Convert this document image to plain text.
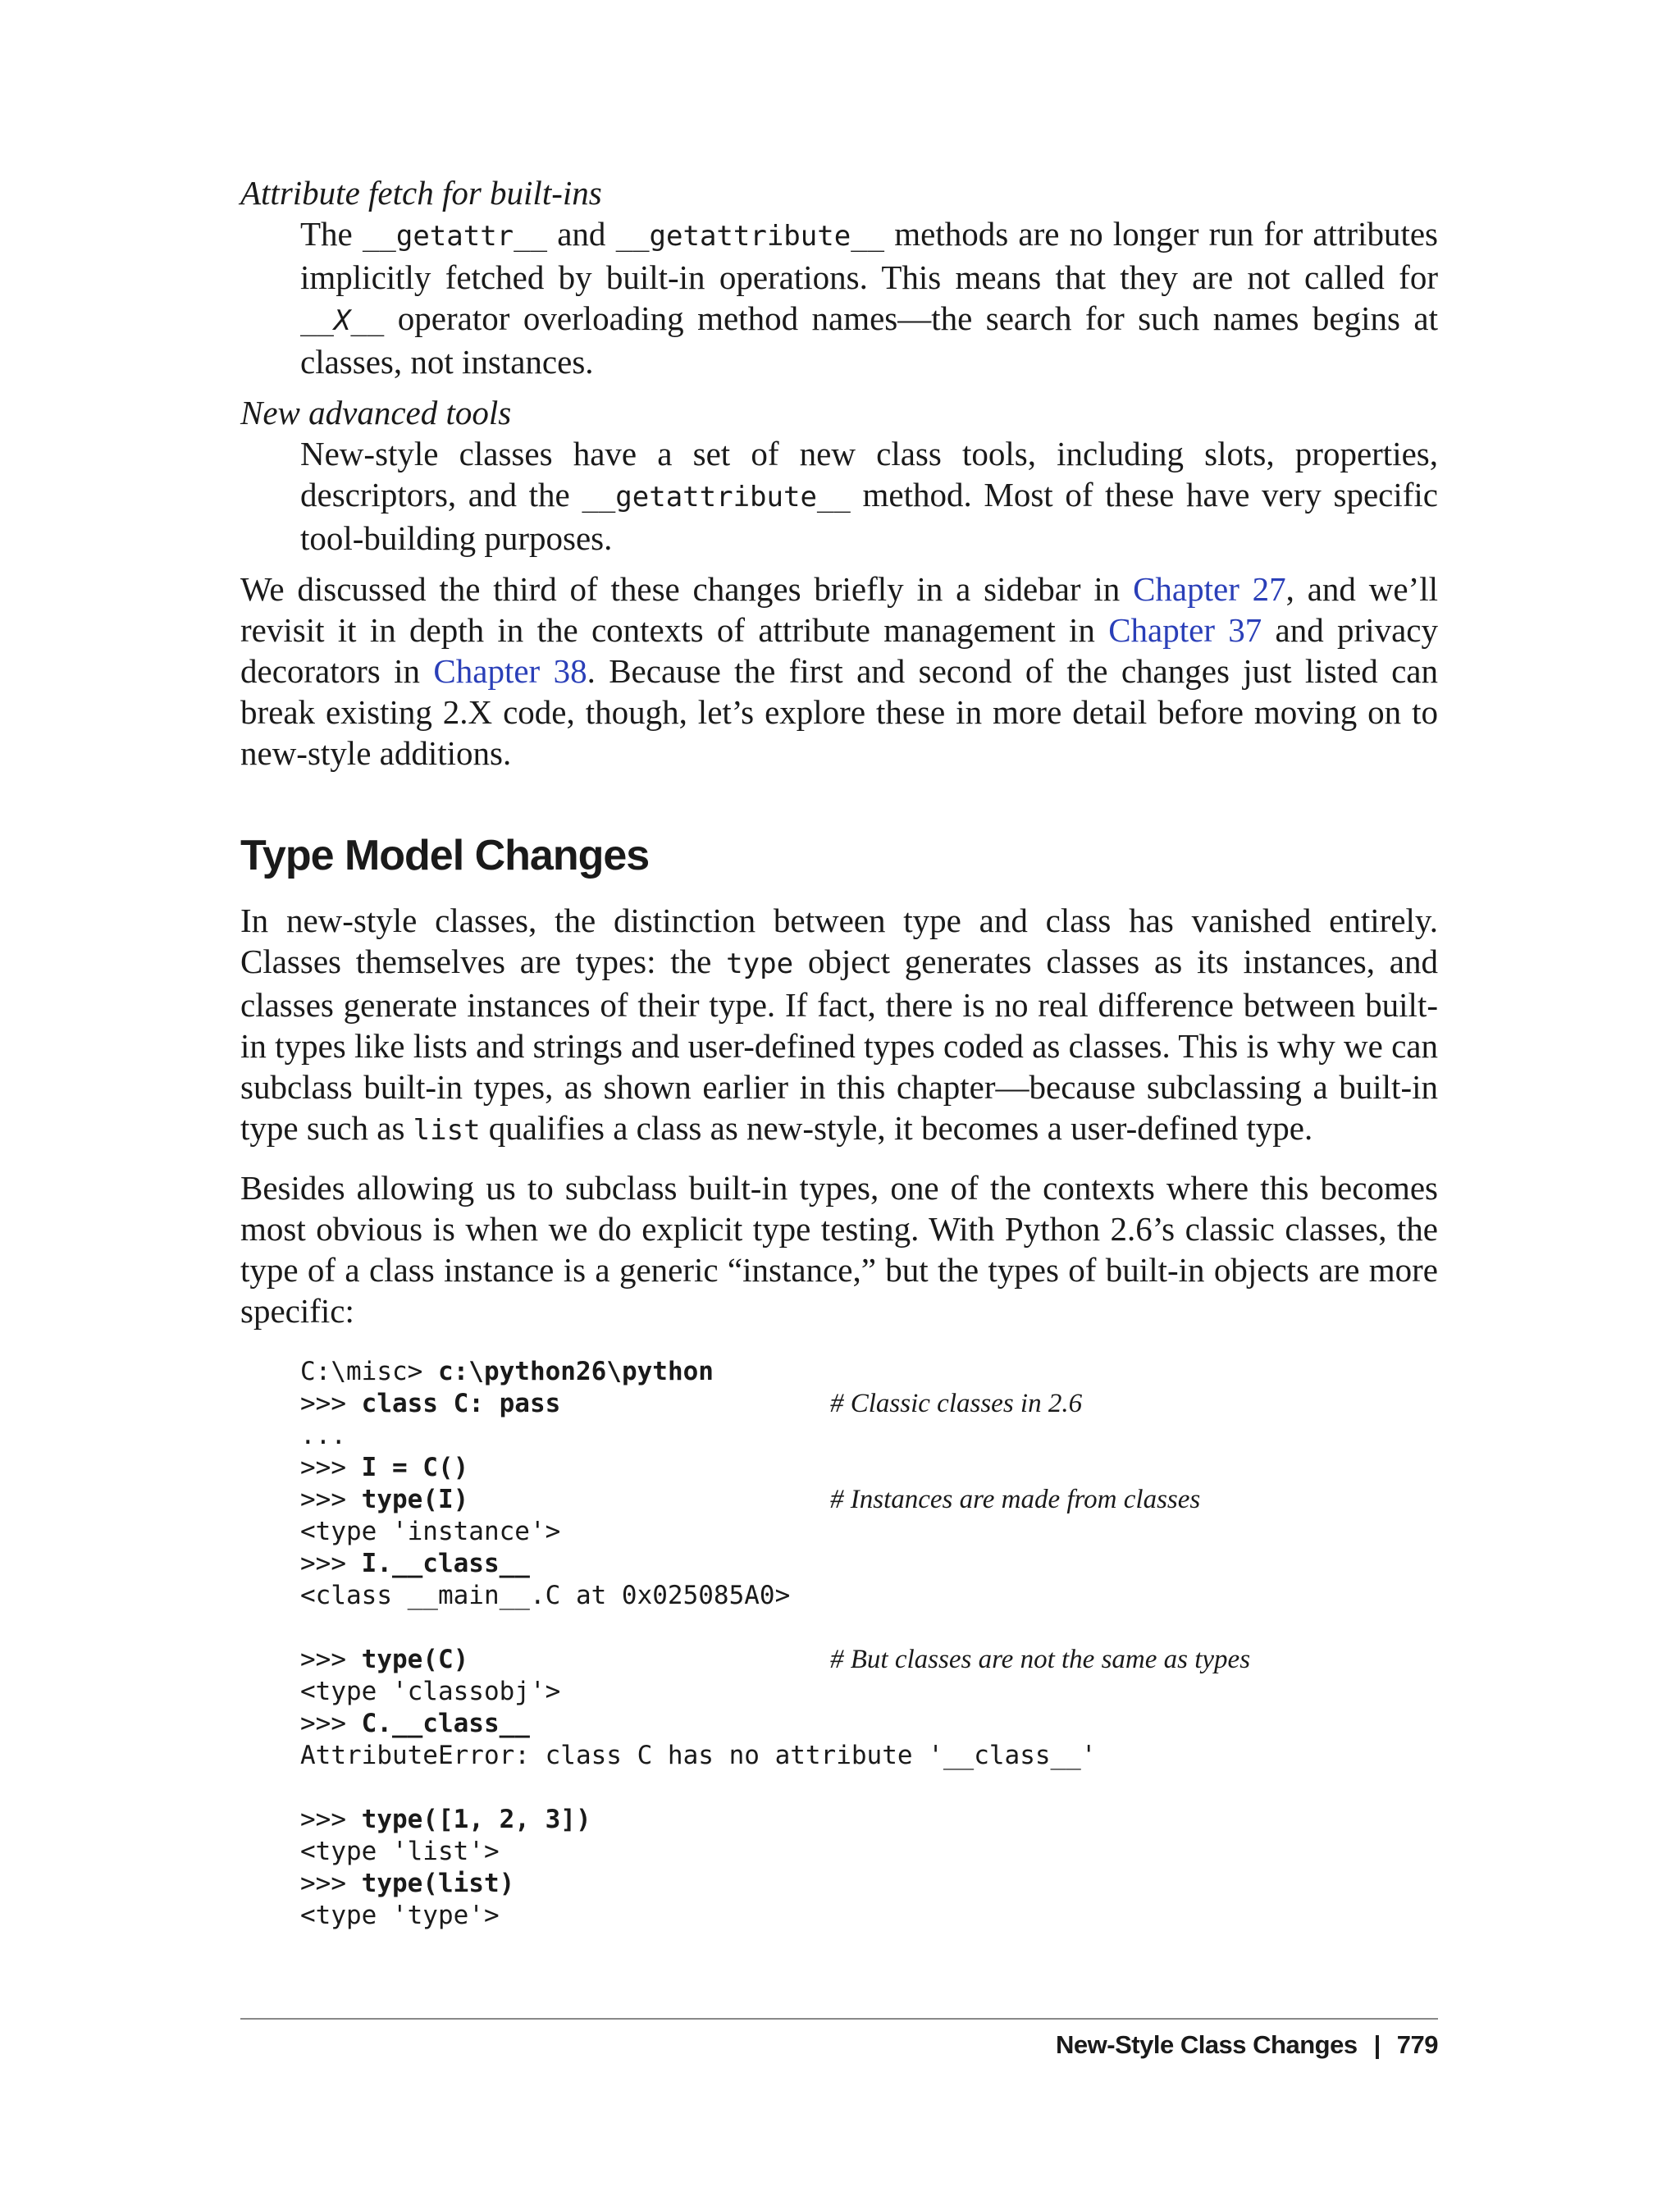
Attribute fetch for built-ins

The __getattr__ and __getattribute__ methods are no longer run for attributes implicitly fetched by built-in operations. This means that they are not called for __X__ operator overloading method names—the search for such names begins at classes, not instances.

New advanced tools

New-style classes have a set of new class tools, including slots, properties, descriptors, and the __getattribute__ method. Most of these have very specific tool-building purposes.

We discussed the third of these changes briefly in a sidebar in Chapter 27, and we’ll revisit it in depth in the contexts of attribute management in Chapter 37 and privacy decorators in Chapter 38. Because the first and second of the changes just listed can break existing 2.X code, though, let’s explore these in more detail before moving on to new-style additions.

Type Model Changes

In new-style classes, the distinction between type and class has vanished entirely. Classes themselves are types: the type object generates classes as its instances, and classes generate instances of their type. If fact, there is no real difference between built-in types like lists and strings and user-defined types coded as classes. This is why we can subclass built-in types, as shown earlier in this chapter—because subclassing a built-in type such as list qualifies a class as new-style, it becomes a user-defined type.

Besides allowing us to subclass built-in types, one of the contexts where this becomes most obvious is when we do explicit type testing. With Python 2.6’s classic classes, the type of a class instance is a generic “instance,” but the types of built-in objects are more specific:

C:\misc> c:\python26\python
>>> class C: pass	# Classic classes in 2.6
...
>>> I = C()
>>> type(I)	# Instances are made from classes
<type 'instance'>
>>> I.__class__
<class __main__.C at 0x025085A0>
>>> type(C)	# But classes are not the same as types
<type 'classobj'>
>>> C.__class__
AttributeError: class C has no attribute '__class__'
>>> type([1, 2, 3])
<type 'list'>
>>> type(list)
<type 'type'>
New-Style Class Changes | 779
